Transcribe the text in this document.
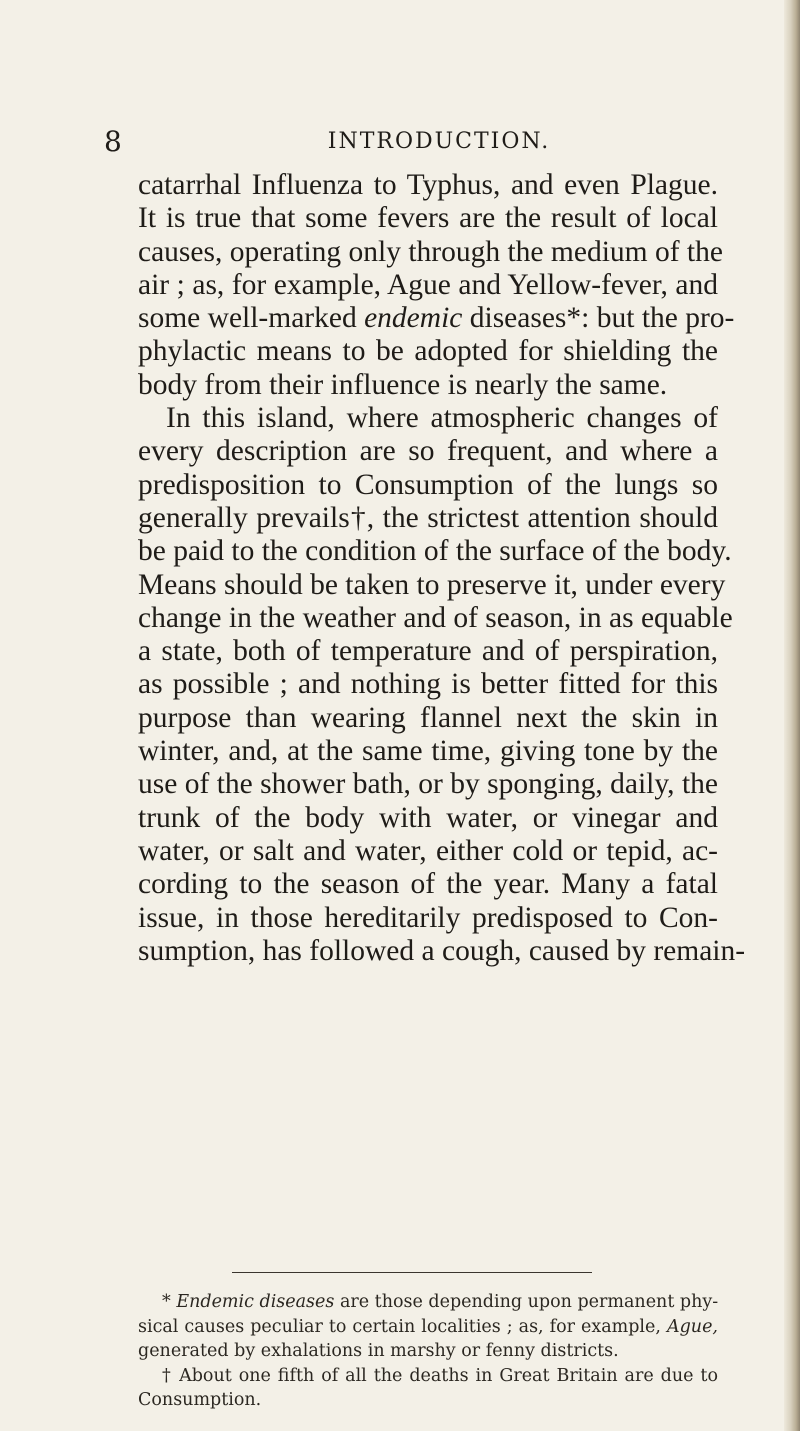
8	INTRODUCTION.
catarrhal Influenza to Typhus, and even Plague.
It is true that some fevers are the result of local
causes, operating only through the medium of the
air ; as, for example, Ague and Yellow-fever, and
some well-marked endemic diseases*: but the pro-
phylactic means to be adopted for shielding the
body from their influence is nearly the same.
In this island, where atmospheric changes of
every description are so frequent, and where a
predisposition to Consumption of the lungs so
generally prevails†, the strictest attention should
be paid to the condition of the surface of the body.
Means should be taken to preserve it, under every
change in the weather and of season, in as equable
a state, both of temperature and of perspiration,
as possible ; and nothing is better fitted for this
purpose than wearing flannel next the skin in
winter, and, at the same time, giving tone by the
use of the shower bath, or by sponging, daily, the
trunk of the body with water, or vinegar and
water, or salt and water, either cold or tepid, ac-
cording to the season of the year. Many a fatal
issue, in those hereditarily predisposed to Con-
sumption, has followed a cough, caused by remain-
* Endemic diseases are those depending upon permanent phy-
sical causes peculiar to certain localities ; as, for example, Ague,
generated by exhalations in marshy or fenny districts.
† About one fifth of all the deaths in Great Britain are due to
Consumption.
